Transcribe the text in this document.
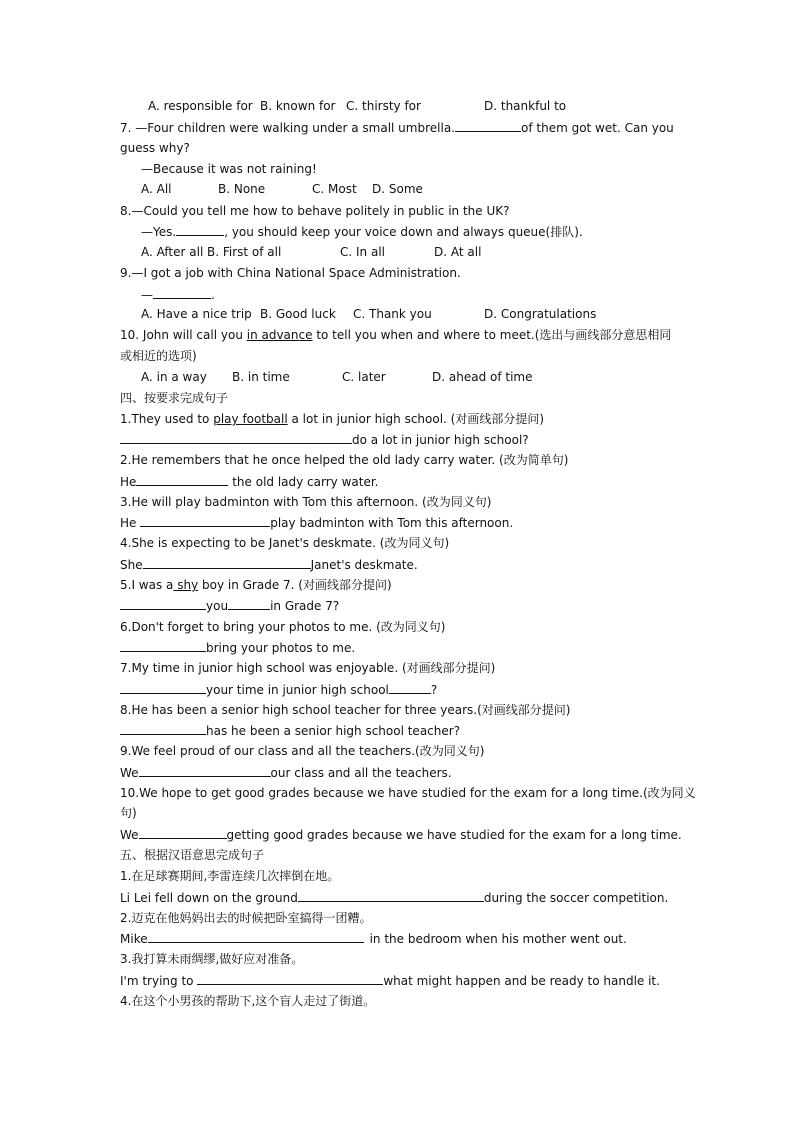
A. responsible for B. known for C. thirsty for	D. thankful to
7. —Four children were walking under a small umbrella.	of them got wet. Can you
guess why?
—Because it was not raining!
A. All	B. None	C. Most D. Some
8.—Could you tell me how to behave politely in public in the UK?
—Yes.	, you should keep your voice down and always queue(排队).
A. After all B. First of all	C. In all	D. At all
9.—I got a job with China National Space Administration.
—	.
A. Have a nice trip B. Good luck C. Thank you	D. Congratulations
10. John will call you in advance to tell you when and where to meet.(选出与画线部分意思相同
或相近的选项)
A. in a way B. in time	C. later	D. ahead of time
四、按要求完成句子
1.They used to play football a lot in junior high school. (对画线部分提问)
do a lot in junior high school?
2.He remembers that he once helped the old lady carry water. (改为简单句)
He	the old lady carry water.
3.He will play badminton with Tom this afternoon. (改为同义句)
He	play badminton with Tom this afternoon.
4.She is expecting to be Janet's deskmate. (改为同义句)
She	Janet's deskmate.
5.I was a shy boy in Grade 7. (对画线部分提问)
you	in Grade 7?
6.Don't forget to bring your photos to me. (改为同义句)
bring your photos to me.
7.My time in junior high school was enjoyable. (对画线部分提问)
your time in junior high school	?
8.He has been a senior high school teacher for three years.(对画线部分提问)
has he been a senior high school teacher?
9.We feel proud of our class and all the teachers.(改为同义句)
We	our class and all the teachers.
10.We hope to get good grades because we have studied for the exam for a long time.(改为同义
句)
We	getting good grades because we have studied for the exam for a long time.
五、根据汉语意思完成句子
1.在足球赛期间,李雷连续几次摔倒在地。
Li Lei fell down on the ground	during the soccer competition.
2.迈克在他妈妈出去的时候把卧室搞得一团糟。
Mike	in the bedroom when his mother went out.
3.我打算未雨绸缪,做好应对准备。
I'm trying to	what might happen and be ready to handle it.
4.在这个小男孩的帮助下,这个盲人走过了街道。
